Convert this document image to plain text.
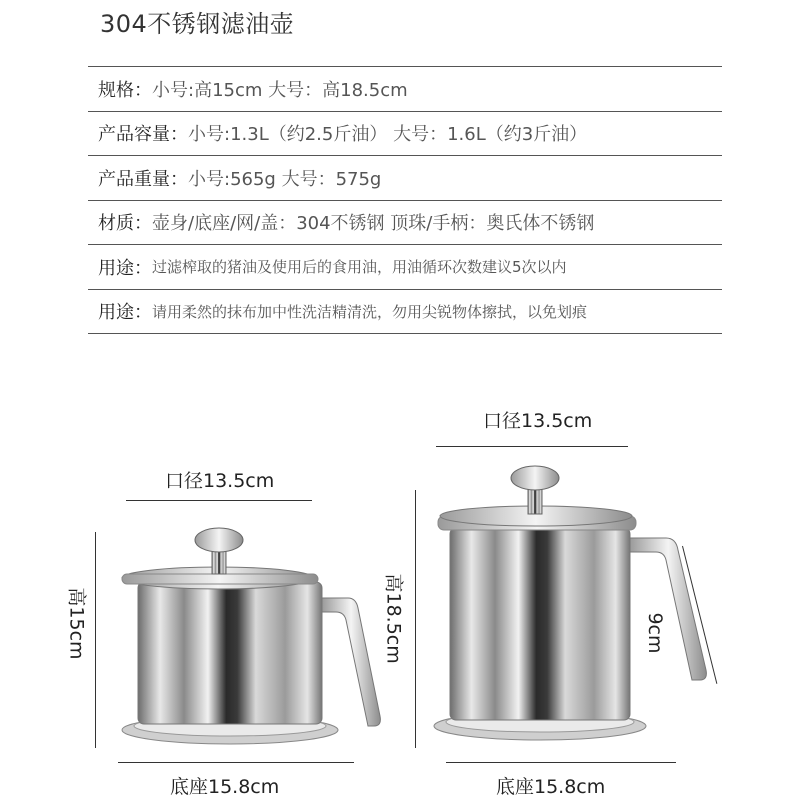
304不锈钢滤油壶
规格： 小号:高15cm 大号：高18.5cm
产品容量： 小号:1.3L（约2.5斤油） 大号：1.6L（约3斤油）
产品重量： 小号:565g 大号：575g
材质： 壶身/底座/网/盖：304不锈钢 顶珠/手柄：奥氏体不锈钢
用途： 过滤榨取的猪油及使用后的食用油，用油循环次数建议5次以内
用途： 请用柔然的抹布加中性洗洁精清洗，勿用尖锐物体擦拭，以免划痕
口径13.5cm
高15cm
底座15.8cm
口径13.5cm
高18.5cm	9cm
底座15.8cm
